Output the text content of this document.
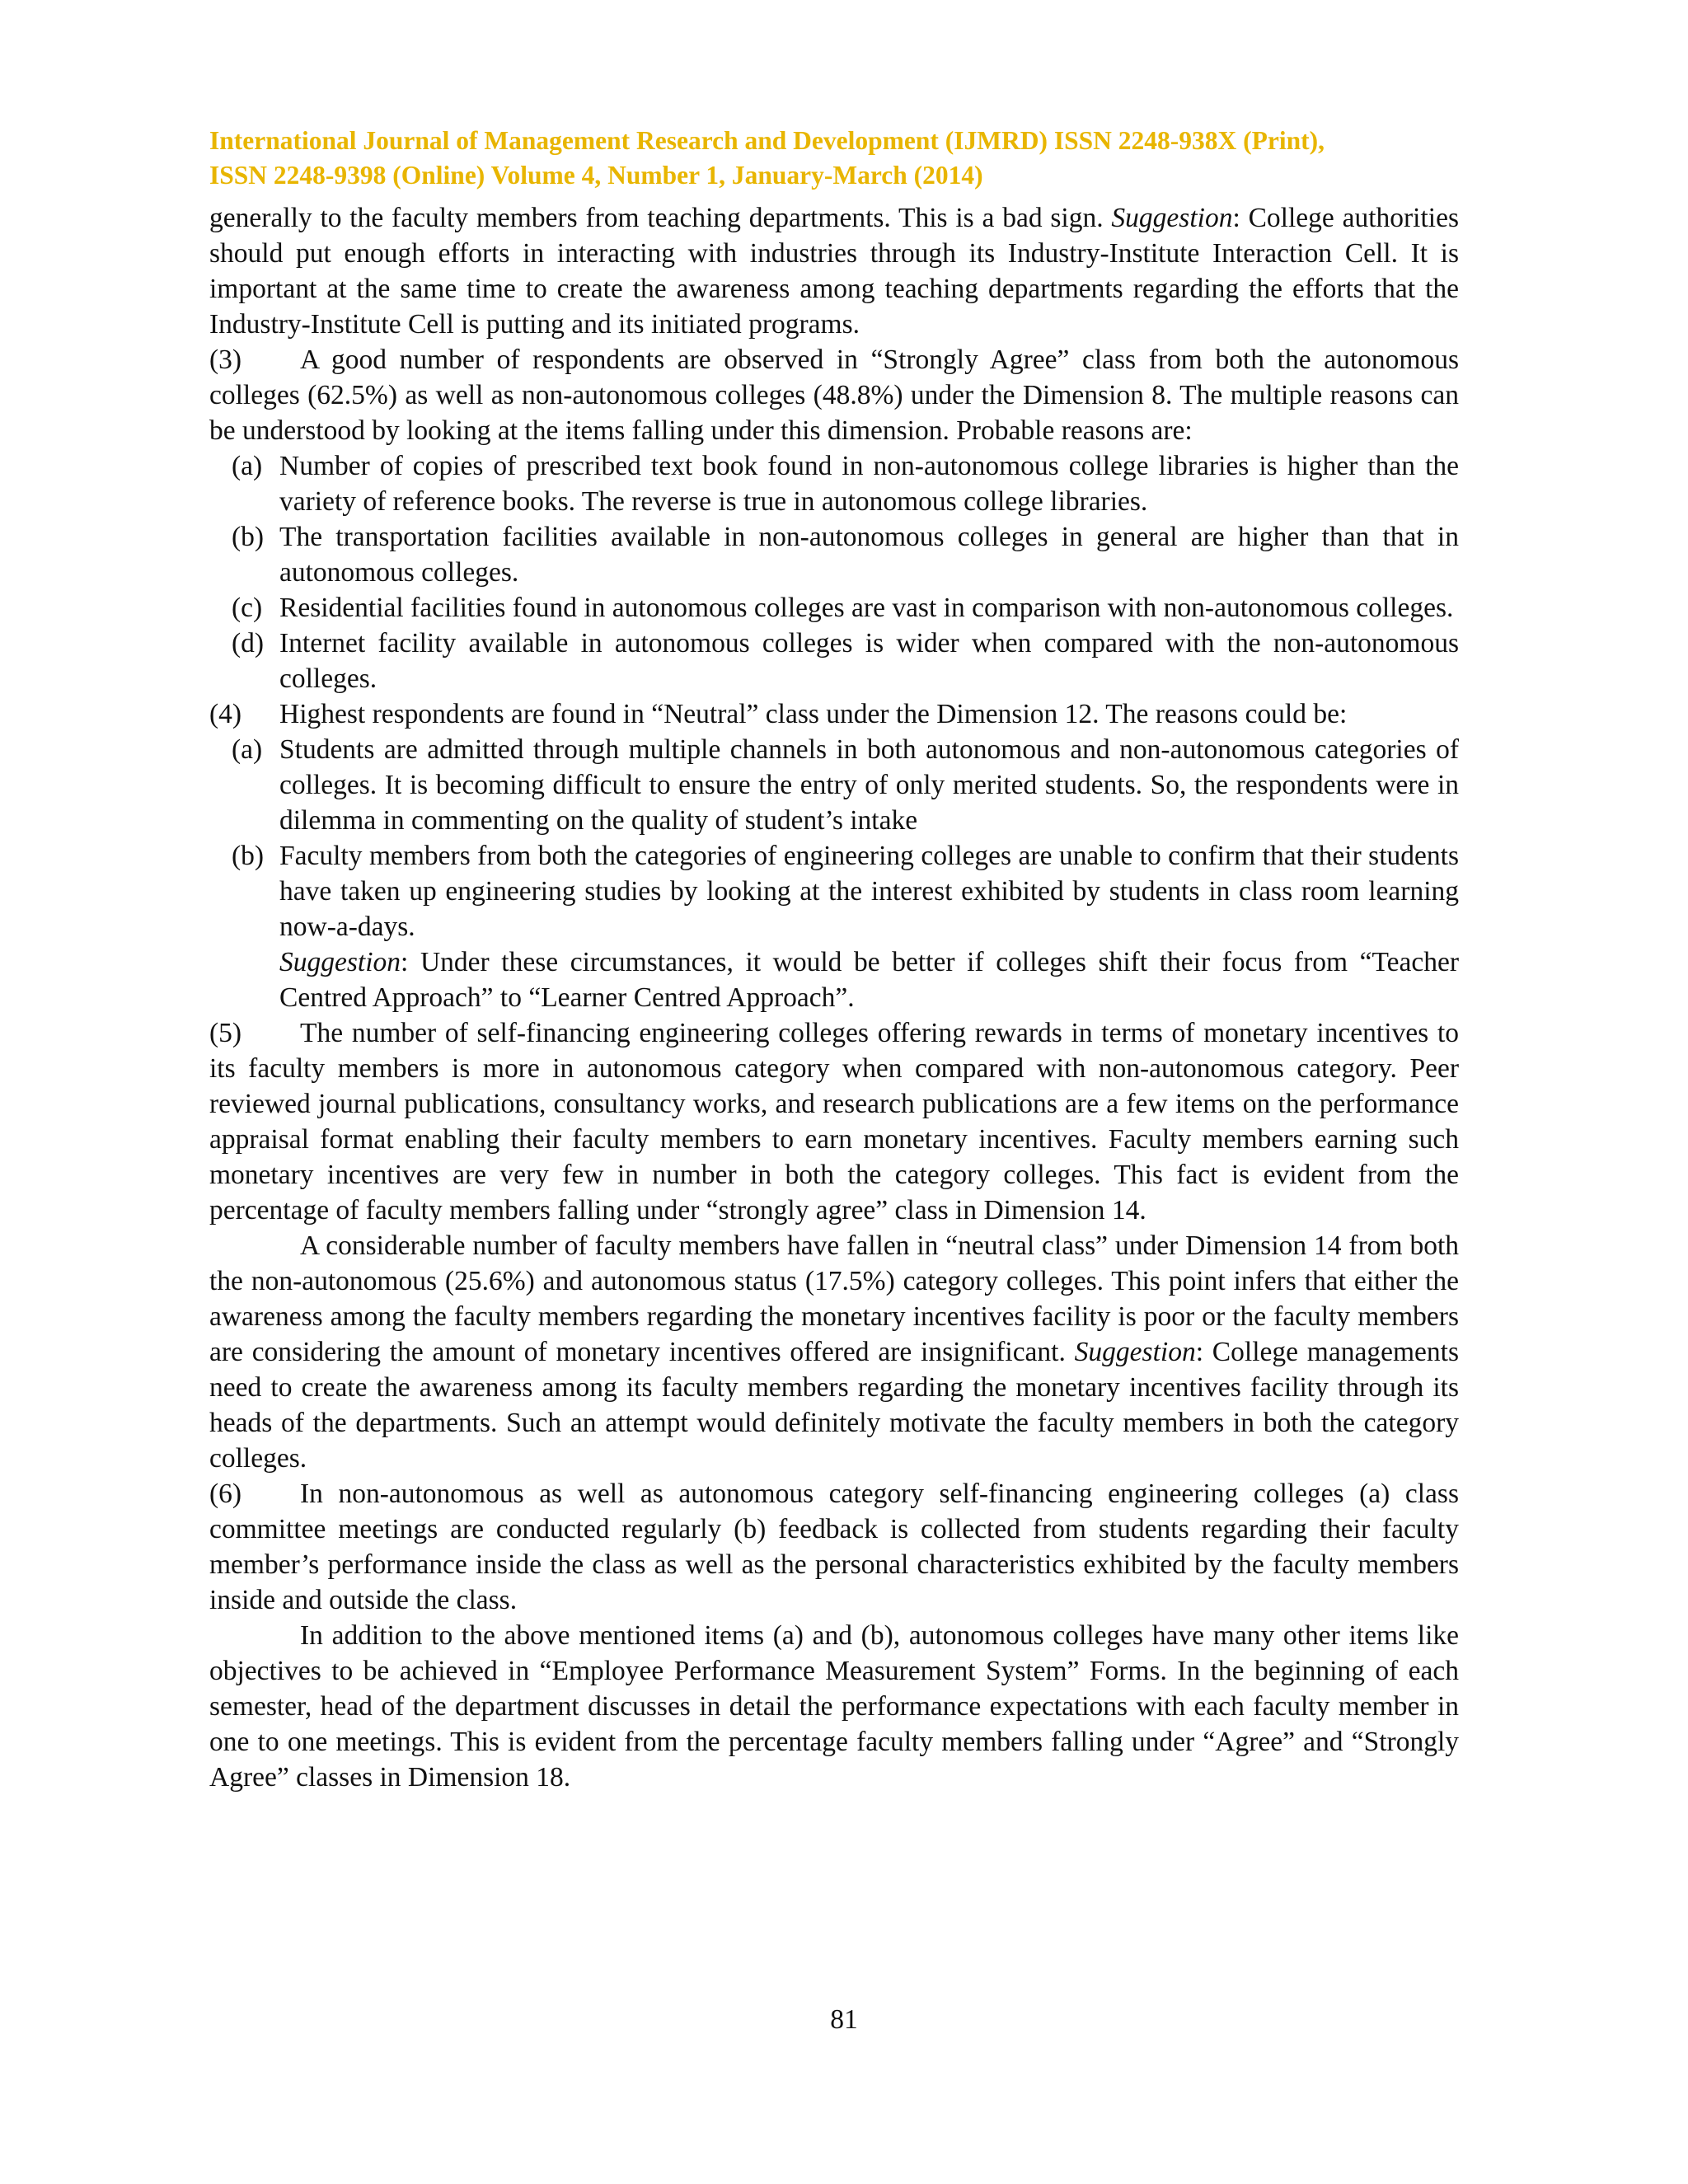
International Journal of Management Research and Development (IJMRD) ISSN 2248-938X (Print),
ISSN 2248-9398 (Online) Volume 4, Number 1, January-March (2014)

generally to the faculty members from teaching departments. This is a bad sign. Suggestion: College authorities should put enough efforts in interacting with industries through its Industry-Institute Interaction Cell. It is important at the same time to create the awareness among teaching departments regarding the efforts that the Industry-Institute Cell is putting and its initiated programs.

(3) A good number of respondents are observed in “Strongly Agree” class from both the autonomous colleges (62.5%) as well as non-autonomous colleges (48.8%) under the Dimension 8. The multiple reasons can be understood by looking at the items falling under this dimension. Probable reasons are:

(a) Number of copies of prescribed text book found in non-autonomous college libraries is higher than the variety of reference books. The reverse is true in autonomous college libraries.

(b) The transportation facilities available in non-autonomous colleges in general are higher than that in autonomous colleges.

(c) Residential facilities found in autonomous colleges are vast in comparison with non-autonomous colleges.

(d) Internet facility available in autonomous colleges is wider when compared with the non-autonomous colleges.

(4) Highest respondents are found in “Neutral” class under the Dimension 12. The reasons could be:

(a) Students are admitted through multiple channels in both autonomous and non-autonomous categories of colleges. It is becoming difficult to ensure the entry of only merited students. So, the respondents were in dilemma in commenting on the quality of student’s intake

(b) Faculty members from both the categories of engineering colleges are unable to confirm that their students have taken up engineering studies by looking at the interest exhibited by students in class room learning now-a-days.

Suggestion: Under these circumstances, it would be better if colleges shift their focus from “Teacher Centred Approach” to “Learner Centred Approach”.

(5) The number of self-financing engineering colleges offering rewards in terms of monetary incentives to its faculty members is more in autonomous category when compared with non-autonomous category. Peer reviewed journal publications, consultancy works, and research publications are a few items on the performance appraisal format enabling their faculty members to earn monetary incentives. Faculty members earning such monetary incentives are very few in number in both the category colleges. This fact is evident from the percentage of faculty members falling under “strongly agree” class in Dimension 14.

A considerable number of faculty members have fallen in “neutral class” under Dimension 14 from both the non-autonomous (25.6%) and autonomous status (17.5%) category colleges. This point infers that either the awareness among the faculty members regarding the monetary incentives facility is poor or the faculty members are considering the amount of monetary incentives offered are insignificant. Suggestion: College managements need to create the awareness among its faculty members regarding the monetary incentives facility through its heads of the departments. Such an attempt would definitely motivate the faculty members in both the category colleges.

(6) In non-autonomous as well as autonomous category self-financing engineering colleges (a) class committee meetings are conducted regularly (b) feedback is collected from students regarding their faculty member’s performance inside the class as well as the personal characteristics exhibited by the faculty members inside and outside the class.

In addition to the above mentioned items (a) and (b), autonomous colleges have many other items like objectives to be achieved in “Employee Performance Measurement System” Forms. In the beginning of each semester, head of the department discusses in detail the performance expectations with each faculty member in one to one meetings. This is evident from the percentage faculty members falling under “Agree” and “Strongly Agree” classes in Dimension 18.

81
